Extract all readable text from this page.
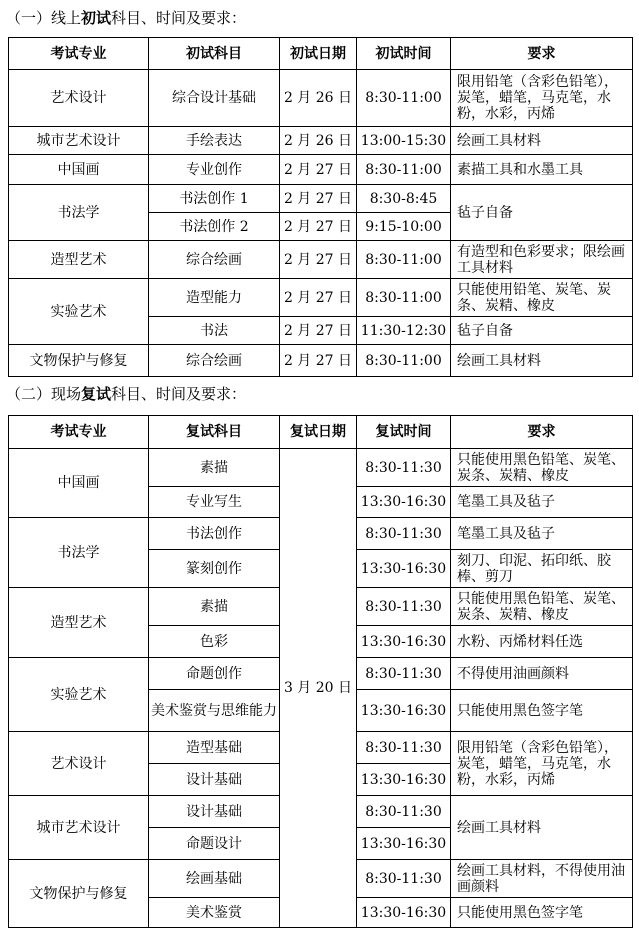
（一）线上初试科目、时间及要求：
考试专业	初试科目	初试日期	初试时间	要求
艺术设计	综合设计基础	2 月 26 日	8:30-11:00	限用铅笔（含彩色铅笔），炭笔，蜡笔，马克笔，水粉，水彩，丙烯
城市艺术设计	手绘表达	2 月 26 日	13:00-15:30	绘画工具材料
中国画	专业创作	2 月 27 日	8:30-11:00	素描工具和水墨工具
书法学	书法创作 1	2 月 27 日	8:30-8:45	毡子自备
	书法创作 2	2 月 27 日	9:15-10:00	
造型艺术	综合绘画	2 月 27 日	8:30-11:00	有造型和色彩要求；限绘画工具材料
实验艺术	造型能力	2 月 27 日	8:30-11:00	只能使用铅笔、炭笔、炭条、炭精、橡皮
	书法	2 月 27 日	11:30-12:30	毡子自备
文物保护与修复	综合绘画	2 月 27 日	8:30-11:00	绘画工具材料
（二）现场复试科目、时间及要求：
考试专业	复试科目	复试日期	复试时间	要求
中国画	素描	3 月 20 日	8:30-11:30	只能使用黑色铅笔、炭笔、炭条、炭精、橡皮
	专业写生		13:30-16:30	笔墨工具及毡子
书法学	书法创作		8:30-11:30	笔墨工具及毡子
	篆刻创作		13:30-16:30	刻刀、印泥、拓印纸、胶棒、剪刀
造型艺术	素描		8:30-11:30	只能使用黑色铅笔、炭笔、炭条、炭精、橡皮
	色彩		13:30-16:30	水粉、丙烯材料任选
实验艺术	命题创作		8:30-11:30	不得使用油画颜料
	美术鉴赏与思维能力		13:30-16:30	只能使用黑色签字笔
艺术设计	造型基础		8:30-11:30	限用铅笔（含彩色铅笔），炭笔，蜡笔，马克笔，水粉，水彩，丙烯
	设计基础		13:30-16:30	
城市艺术设计	设计基础		8:30-11:30	绘画工具材料
	命题设计		13:30-16:30	
文物保护与修复	绘画基础		8:30-11:30	绘画工具材料，不得使用油画颜料
	美术鉴赏		13:30-16:30	只能使用黑色签字笔
